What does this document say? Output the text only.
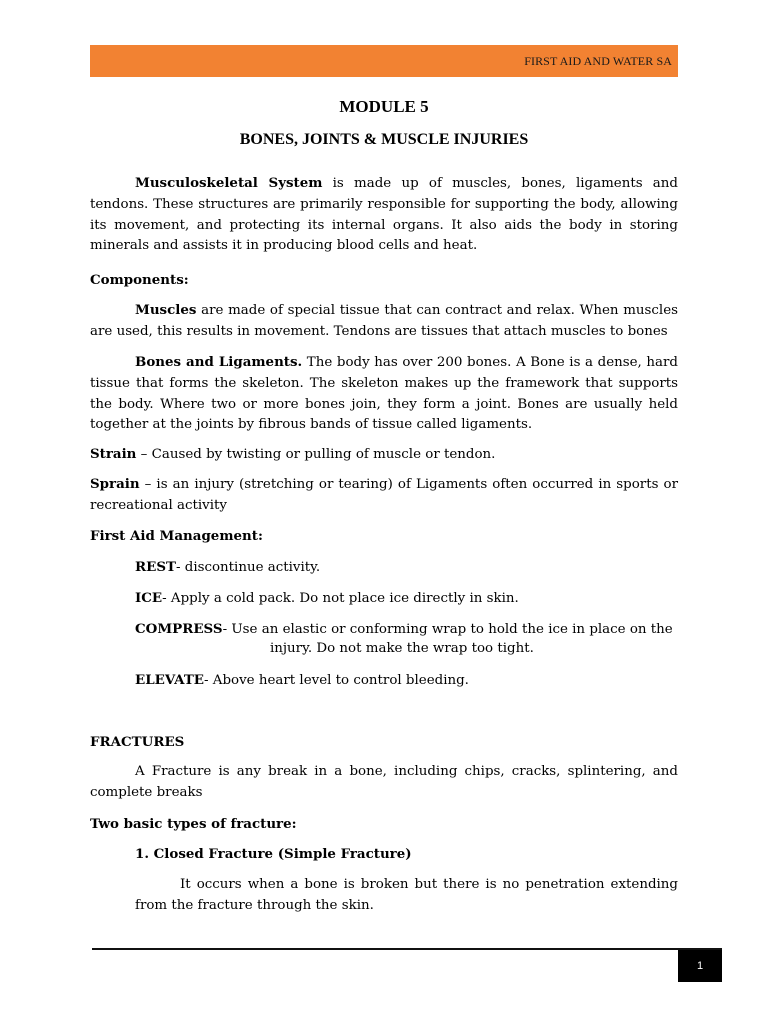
FIRST AID AND WATER SA
MODULE 5
BONES, JOINTS & MUSCLE INJURIES
Musculoskeletal System is made up of muscles, bones, ligaments and tendons. These structures are primarily responsible for supporting the body, allowing its movement, and protecting its internal organs. It also aids the body in storing minerals and assists it in producing blood cells and heat.
Components:
Muscles are made of special tissue that can contract and relax. When muscles are used, this results in movement. Tendons are tissues that attach muscles to bones
Bones and Ligaments. The body has over 200 bones. A Bone is a dense, hard tissue that forms the skeleton. The skeleton makes up the framework that supports the body. Where two or more bones join, they form a joint. Bones are usually held together at the joints by fibrous bands of tissue called ligaments.
Strain – Caused by twisting or pulling of muscle or tendon.
Sprain – is an injury (stretching or tearing) of Ligaments often occurred in sports or recreational activity
First Aid Management:
REST- discontinue activity.
ICE- Apply a cold pack. Do not place ice directly in skin.
COMPRESS- Use an elastic or conforming wrap to hold the ice in place on the
injury. Do not make the wrap too tight.
ELEVATE- Above heart level to control bleeding.
FRACTURES
A Fracture is any break in a bone, including chips, cracks, splintering, and complete breaks
Two basic types of fracture:
1. Closed Fracture (Simple Fracture)
It occurs when a bone is broken but there is no penetration extending from the fracture through the skin.
1
